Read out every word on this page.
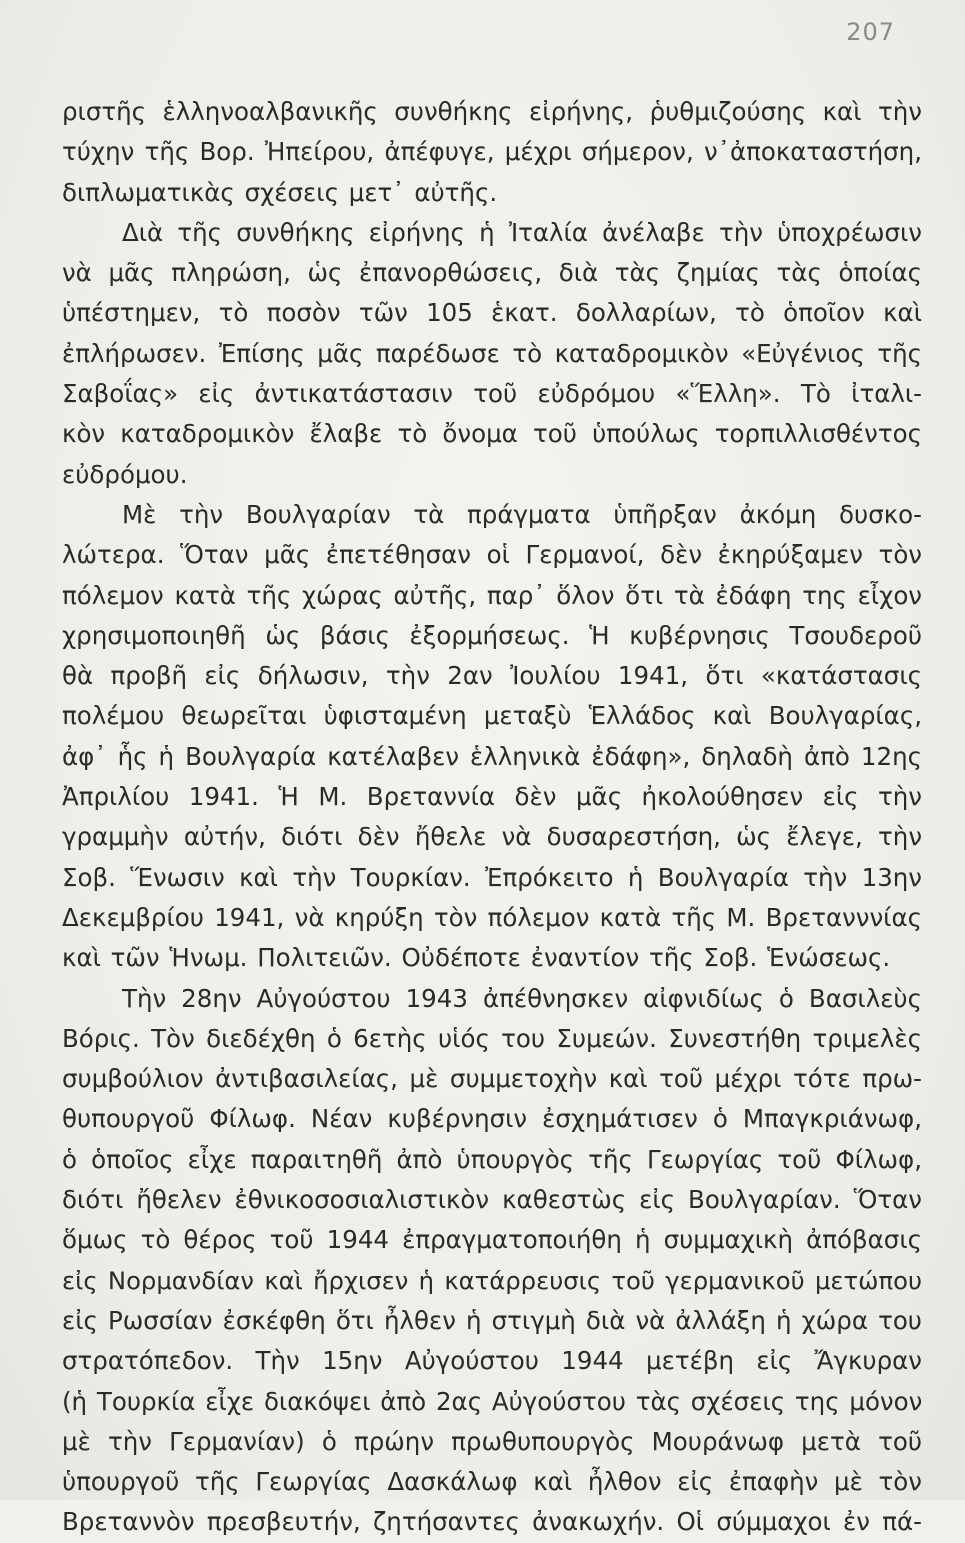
207
ριστῆς ἑλληνοαλβανικῆς συνθήκης εἰρήνης, ῥυθμιζούσης καὶ τὴν
τύχην τῆς Βορ. Ἠπείρου, ἀπέφυγε, μέχρι σήμερον, ν᾽ἀποκαταστήση,
διπλωματικὰς σχέσεις μετ᾽ αὐτῆς.
Διὰ τῆς συνθήκης εἰρήνης ἡ Ἰταλία ἀνέλαβε τὴν ὑποχρέωσιν
νὰ μᾶς πληρώση, ὡς ἐπανορθώσεις, διὰ τὰς ζημίας τὰς ὁποίας
ὑπέστημεν, τὸ ποσὸν τῶν 105 ἑκατ. δολλαρίων, τὸ ὁποῖον καὶ
ἐπλήρωσεν. Ἐπίσης μᾶς παρέδωσε τὸ καταδρομικὸν «Εὐγένιος τῆς
Σαβοΐας» εἰς ἀντικατάστασιν τοῦ εὐδρόμου «Ἕλλη». Τὸ ἰταλι-
κὸν καταδρομικὸν ἔλαβε τὸ ὄνομα τοῦ ὑπούλως τορπιλλισθέντος
εὐδρόμου.
Μὲ τὴν Βουλγαρίαν τὰ πράγματα ὑπῆρξαν ἀκόμη δυσκο-
λώτερα. Ὅταν μᾶς ἐπετέθησαν οἱ Γερμανοί, δὲν ἐκηρύξαμεν τὸν
πόλεμον κατὰ τῆς χώρας αὐτῆς, παρ᾽ ὅλον ὅτι τὰ ἐδάφη της εἶχον
χρησιμοποιηθῆ ὡς βάσις ἐξορμήσεως. Ἡ κυβέρνησις Τσουδεροῦ
θὰ προβῆ εἰς δήλωσιν, τὴν 2αν Ἰουλίου 1941, ὅτι «κατάστασις
πολέμου θεωρεῖται ὑφισταμένη μεταξὺ Ἑλλάδος καὶ Βουλγαρίας,
ἀφ᾽ ἧς ἡ Βουλγαρία κατέλαβεν ἑλληνικὰ ἐδάφη», δηλαδὴ ἀπὸ 12ης
Ἀπριλίου 1941. Ἡ Μ. Βρεταννία δὲν μᾶς ἠκολούθησεν εἰς τὴν
γραμμὴν αὐτήν, διότι δὲν ἤθελε νὰ δυσαρεστήση, ὡς ἔλεγε, τὴν
Σοβ. Ἕνωσιν καὶ τὴν Τουρκίαν. Ἐπρόκειτο ἡ Βουλγαρία τὴν 13ην
Δεκεμβρίου 1941, νὰ κηρύξη τὸν πόλεμον κατὰ τῆς Μ. Βρετανννίας
καὶ τῶν Ἡνωμ. Πολιτειῶν. Οὐδέποτε ἐναντίον τῆς Σοβ. Ἑνώσεως.
Τὴν 28ην Αὐγούστου 1943 ἀπέθνησκεν αἰφνιδίως ὁ Βασιλεὺς
Βόρις. Τὸν διεδέχθη ὁ 6ετὴς υἱός του Συμεών. Συνεστήθη τριμελὲς
συμβούλιον ἀντιβασιλείας, μὲ συμμετοχὴν καὶ τοῦ μέχρι τότε πρω-
θυπουργοῦ Φίλωφ. Νέαν κυβέρνησιν ἐσχημάτισεν ὁ Μπαγκριάνωφ,
ὁ ὁποῖος εἶχε παραιτηθῆ ἀπὸ ὑπουργὸς τῆς Γεωργίας τοῦ Φίλωφ,
διότι ἤθελεν ἐθνικοσοσιαλιστικὸν καθεστὼς εἰς Βουλγαρίαν. Ὅταν
ὅμως τὸ θέρος τοῦ 1944 ἐπραγματοποιήθη ἡ συμμαχικὴ ἀπόβασις
εἰς Νορμανδίαν καὶ ἤρχισεν ἡ κατάρρευσις τοῦ γερμανικοῦ μετώπου
εἰς Ρωσσίαν ἐσκέφθη ὅτι ἦλθεν ἡ στιγμὴ διὰ νὰ ἀλλάξη ἡ χώρα του
στρατόπεδον. Τὴν 15ην Αὐγούστου 1944 μετέβη εἰς Ἄγκυραν
(ἡ Τουρκία εἶχε διακόψει ἀπὸ 2ας Αὐγούστου τὰς σχέσεις της μόνον
μὲ τὴν Γερμανίαν) ὁ πρώην πρωθυπουργὸς Μουράνωφ μετὰ τοῦ
ὑπουργοῦ τῆς Γεωργίας Δασκάλωφ καὶ ἦλθον εἰς ἐπαφὴν μὲ τὸν
Βρεταννὸν πρεσβευτήν, ζητήσαντες ἀνακωχήν. Οἱ σύμμαχοι ἐν πά-
